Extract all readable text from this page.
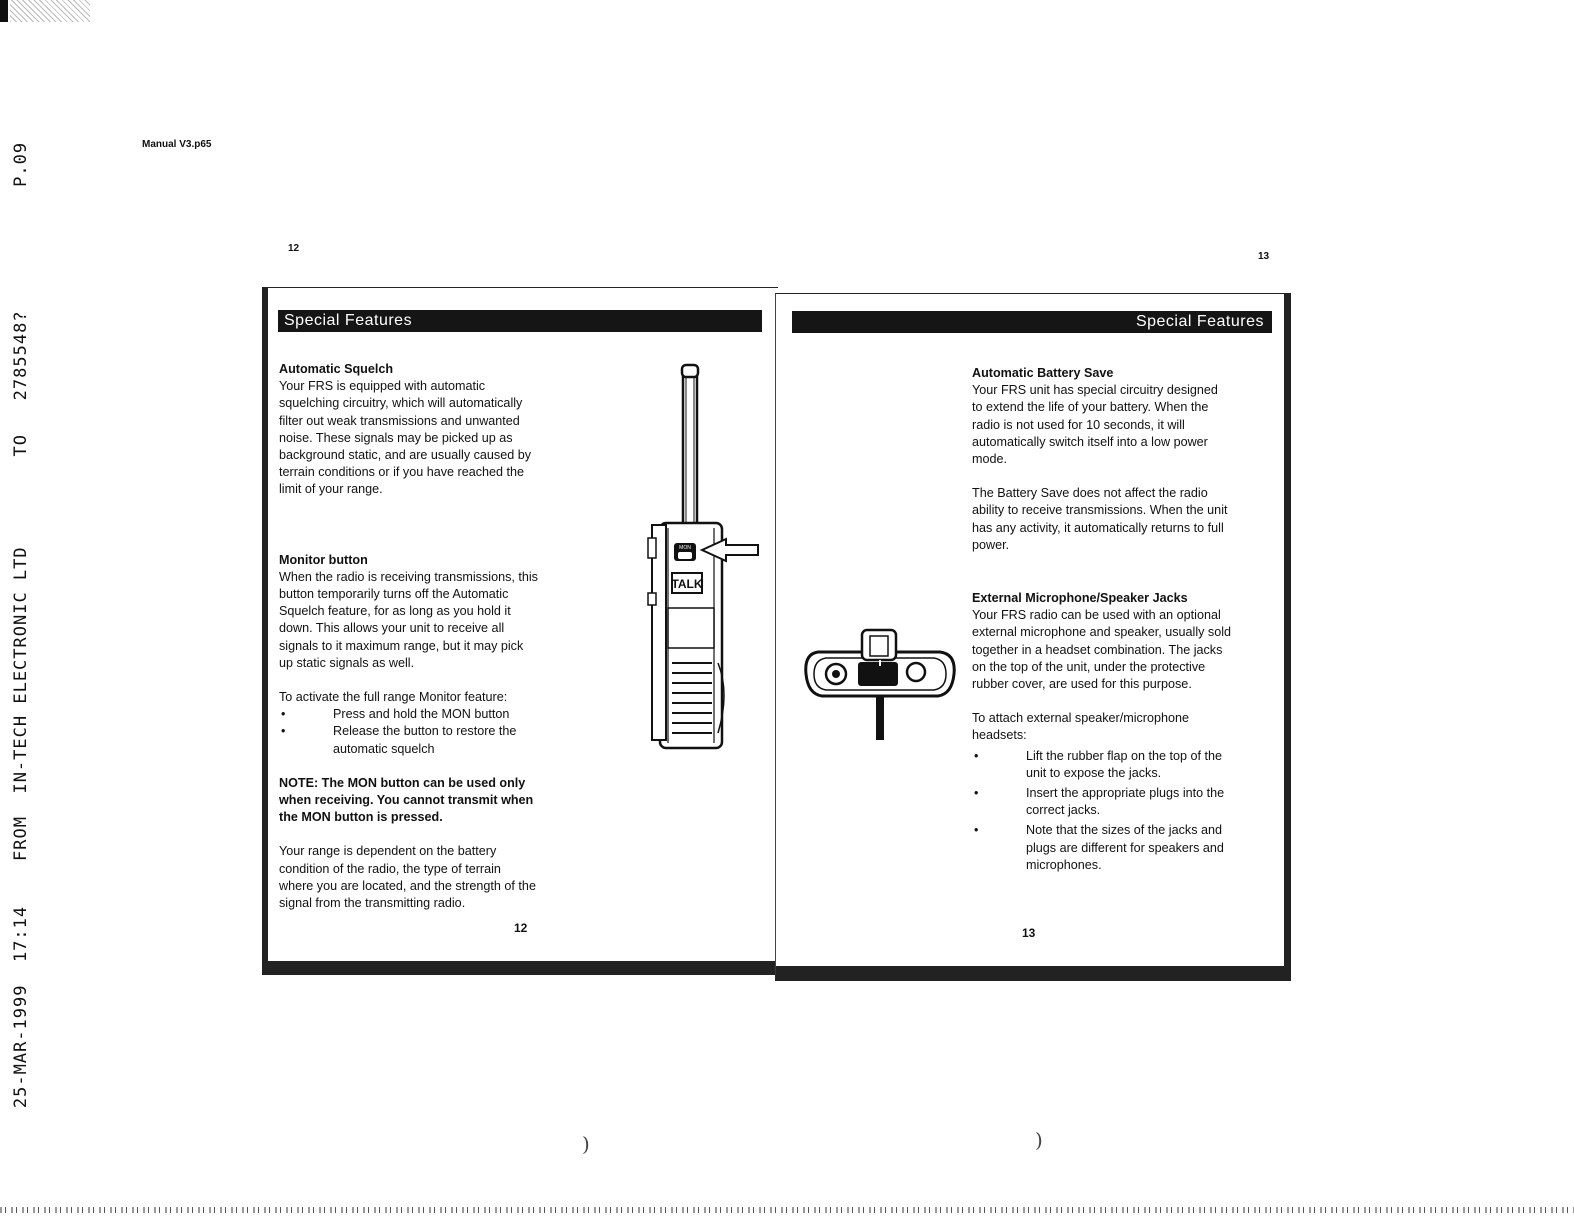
25-MAR-1999  17:14    FROM  IN-TECH ELECTRONIC LTD        TO   2785548?           P.09	Manual V3.p65
12
13
Special Features

Automatic Squelch

Your FRS is equipped with automatic

squelching circuitry, which will automatically

filter out weak transmissions and unwanted

noise. These signals may be picked up as

background static, and are usually caused by

terrain conditions or if you have reached the

limit of your range.

Monitor button

When the radio is receiving transmissions, this

button temporarily turns off the Automatic

Squelch feature, for as long as you hold it

down. This allows your unit to receive all

signals to it maximum range, but it may pick

up static signals as well.

To activate the full range Monitor feature:

•	Press and hold the MON button

•	Release the button to restore the

automatic squelch

NOTE: The MON button can be used only

when receiving. You cannot transmit when

the MON button is pressed.

Your range is dependent on the battery

condition of the radio, the type of terrain

where you are located, and the strength of the

signal from the transmitting radio.

MON
TALK
12
Special Features

Automatic Battery Save

Your FRS unit has special circuitry designed

to extend the life of your battery. When the

radio is not used for 10 seconds, it will

automatically switch itself into a low power

mode.

The Battery Save does not affect the radio

ability to receive transmissions. When the unit

has any activity, it automatically returns to full

power.

External Microphone/Speaker Jacks

Your FRS radio can be used with an optional

external microphone and speaker, usually sold

together in a headset combination. The jacks

on the top of the unit, under the protective

rubber cover, are used for this purpose.

To attach external speaker/microphone

headsets:

•	Lift the rubber flap on the top of the

unit to expose the jacks.

•	Insert the appropriate plugs into the

correct jacks.

•	Note that the sizes of the jacks and

plugs are different for speakers and

microphones.

13
)	)
